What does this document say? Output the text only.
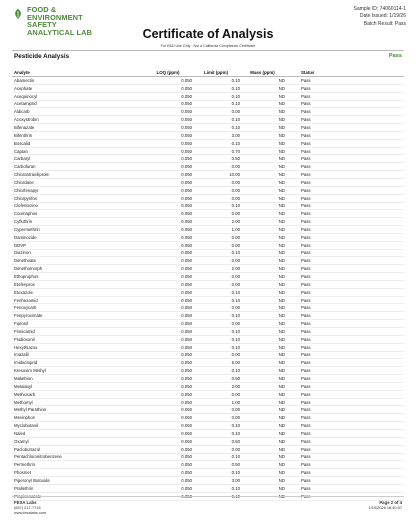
FOOD &
ENVIRONMENT
SAFETY
ANALYTICAL LAB
Sample ID: 74060114-1
Date Issued: 1/19/26
Batch Result: Pass
Certificate of Analysis
For R&D Use Only · Not a California Compliance Certificate
Pesticide Analysis	Pass
Analyte	LOQ (ppm)	Limit (ppm)	Mass (ppm)	Status
Abamectin	0.050	0.10	ND	Pass
Acephate	0.050	0.10	ND	Pass
Acequinocyl	0.050	0.10	ND	Pass
Acetamiprid	0.050	0.10	ND	Pass
Aldicarb	0.050	0.00	ND	Pass
Azoxystrobin	0.050	0.10	ND	Pass
Bifenazate	0.050	0.10	ND	Pass
Bifenthrin	0.050	3.00	ND	Pass
Boscalid	0.050	0.10	ND	Pass
Captan	0.050	0.70	ND	Pass
Carbaryl	0.050	0.50	ND	Pass
Carbofuran	0.050	0.00	ND	Pass
Chlorantraniliprole	0.050	10.00	ND	Pass
Chlordane	0.050	0.00	ND	Pass
Chlorfenapyr	0.050	0.00	ND	Pass
Chlorpyrifos	0.050	0.00	ND	Pass
Clofentezine	0.050	0.10	ND	Pass
Coumaphos	0.050	0.00	ND	Pass
Cyfluthrin	0.050	2.00	ND	Pass
Cypermethrin	0.050	1.00	ND	Pass
Daminozide	0.050	0.00	ND	Pass
DDVP	0.050	0.00	ND	Pass
Diazinon	0.050	0.10	ND	Pass
Dimethoate	0.050	0.00	ND	Pass
Dimethomorph	0.050	2.00	ND	Pass
Ethoprophos	0.050	0.00	ND	Pass
Etofenprox	0.050	0.00	ND	Pass
Etoxazole	0.050	0.10	ND	Pass
Fenhexamid	0.050	0.10	ND	Pass
Fenoxycarb	0.050	0.00	ND	Pass
Fenpyroximate	0.050	0.10	ND	Pass
Fipronil	0.050	0.00	ND	Pass
Flonicamid	0.050	0.10	ND	Pass
Fludioxonil	0.050	0.10	ND	Pass
Hexythiazox	0.050	0.10	ND	Pass
Imazalil	0.050	0.00	ND	Pass
Imidacloprid	0.050	5.00	ND	Pass
Kresoxim Methyl	0.050	0.10	ND	Pass
Malathion	0.050	0.50	ND	Pass
Metalaxyl	0.050	2.00	ND	Pass
Methiocarb	0.050	0.00	ND	Pass
Methomyl	0.050	1.00	ND	Pass
Methyl Parathion	0.050	0.00	ND	Pass
Mevinphos	0.050	0.00	ND	Pass
Myclobutanil	0.050	0.10	ND	Pass
Naled	0.050	0.10	ND	Pass
Oxamyl	0.050	0.50	ND	Pass
Paclobutrazol	0.050	0.00	ND	Pass
Pentachloronitrobenzene	0.050	0.10	ND	Pass
Permethrin	0.050	0.50	ND	Pass
Phosmet	0.050	0.10	ND	Pass
Piperonyl Butoxide	0.050	3.00	ND	Pass
Prallethrin	0.050	0.10	ND	Pass
Propiconazole	0.050	0.10	ND	Pass
FESA Labs
(657) 217-7716
www.fesalabs.com
Page 2 of 4
1/19/2026 16:40:57
